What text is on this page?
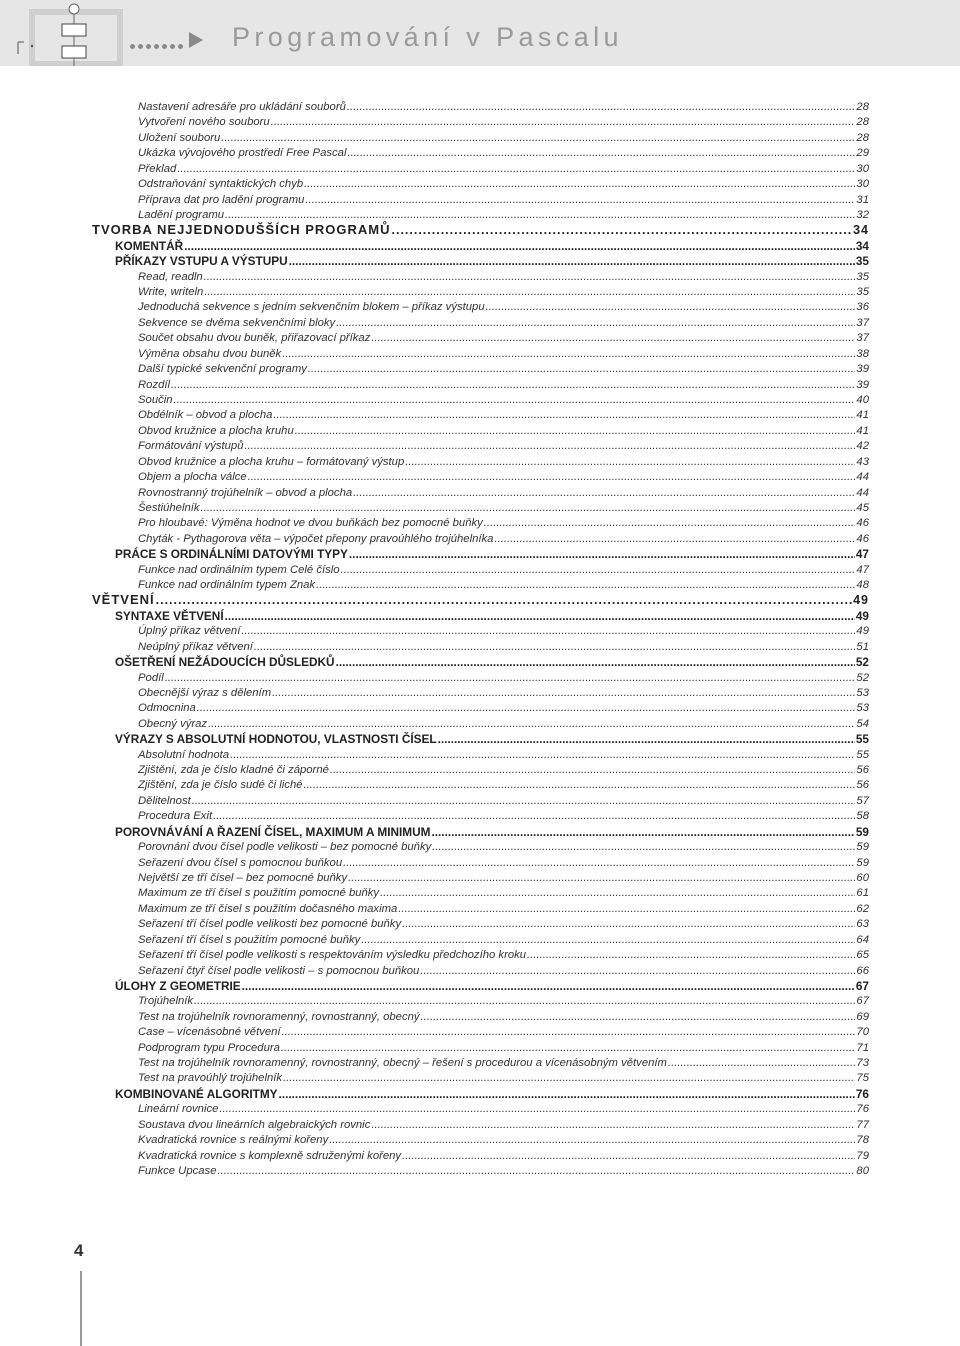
Programování v Pascalu
Nastavení adresáře pro ukládání souborů .....	28
Vytvoření nového souboru .....	28
Uložení souboru .....	28
Ukázka vývojového prostředí Free Pascal .....	29
Překlad .....	30
Odstraňování syntaktických chyb .....	30
Příprava dat pro ladění programu .....	31
Ladění programu .....	32
TVORBA NEJJEDNODUŠŠÍCH PROGRAMŮ .....	34
KOMENTÁŘ .....	34
PŘÍKAZY VSTUPU A VÝSTUPU .....	35
Read, readln .....	35
Write, writeln .....	35
Jednoduchá sekvence s jedním sekvenčním blokem – příkaz výstupu .....	36
Sekvence se dvěma sekvenčními bloky .....	37
Součet obsahu dvou buněk, přiřazovací příkaz .....	37
Výměna obsahu dvou buněk .....	38
Další typické sekvenční programy .....	39
Rozdíl .....	39
Součin .....	40
Obdélník – obvod a plocha .....	41
Obvod kružnice a plocha kruhu .....	41
Formátování výstupů .....	42
Obvod kružnice a plocha kruhu – formátovaný výstup .....	43
Objem a plocha válce .....	44
Rovnostranný trojúhelník – obvod a plocha .....	44
Šestiúhelník .....	45
Pro hloubavé: Výměna hodnot ve dvou buňkách bez pomocné buňky .....	46
Chyták - Pythagorova věta – výpočet přepony pravoúhlého trojúhelníka .....	46
PRÁCE S ORDINÁLNÍMI DATOVÝMI TYPY .....	47
Funkce nad ordinálním typem Celé číslo .....	47
Funkce nad ordinálním typem Znak .....	48
VĚTVENÍ .....	49
SYNTAXE VĚTVENÍ .....	49
Úplný příkaz větvení .....	49
Neúplný příkaz větvení .....	51
OŠETŘENÍ NEŽÁDOUCÍCH DŮSLEDKŮ .....	52
Podíl .....	52
Obecnější výraz s dělením .....	53
Odmocnina .....	53
Obecný výraz .....	54
VÝRAZY S ABSOLUTNÍ HODNOTOU, VLASTNOSTI ČÍSEL .....	55
Absolutní hodnota .....	55
Zjištění, zda je číslo kladné či záporné .....	56
Zjištění, zda je číslo sudé či liché .....	56
Dělitelnost .....	57
Procedura Exit .....	58
POROVNÁVÁNÍ A ŘAZENÍ ČÍSEL, MAXIMUM A MINIMUM .....	59
Porovnání dvou čísel podle velikosti – bez pomocné buňky .....	59
Seřazení dvou čísel s pomocnou buňkou .....	59
Největší ze tří čísel – bez pomocné buňky .....	60
Maximum ze tří čísel s použitím pomocné buňky .....	61
Maximum ze tří čísel s použitím dočasného maxima .....	62
Seřazení tří čísel podle velikosti bez pomocné buňky .....	63
Seřazení tří čísel s použitím pomocné buňky .....	64
Seřazení tří čísel podle velikosti s respektováním výsledku předchozího kroku .....	65
Seřazení čtyř čísel podle velikosti – s pomocnou buňkou .....	66
ÚLOHY Z GEOMETRIE .....	67
Trojúhelník .....	67
Test na trojúhelník rovnoramenný, rovnostranný, obecný .....	69
Case – vícenásobné větvení .....	70
Podprogram typu Procedura .....	71
Test na trojúhelník rovnoramenný, rovnostranný, obecný – řešení s procedurou a vícenásobným větvením .....	73
Test na pravoúhlý trojúhelník .....	75
KOMBINOVANÉ ALGORITMY .....	76
Lineární rovnice .....	76
Soustava dvou lineárních algebraických rovnic .....	77
Kvadratická rovnice s reálnými kořeny .....	78
Kvadratická rovnice s komplexně sdruženými kořeny .....	79
Funkce Upcase .....	80
4
